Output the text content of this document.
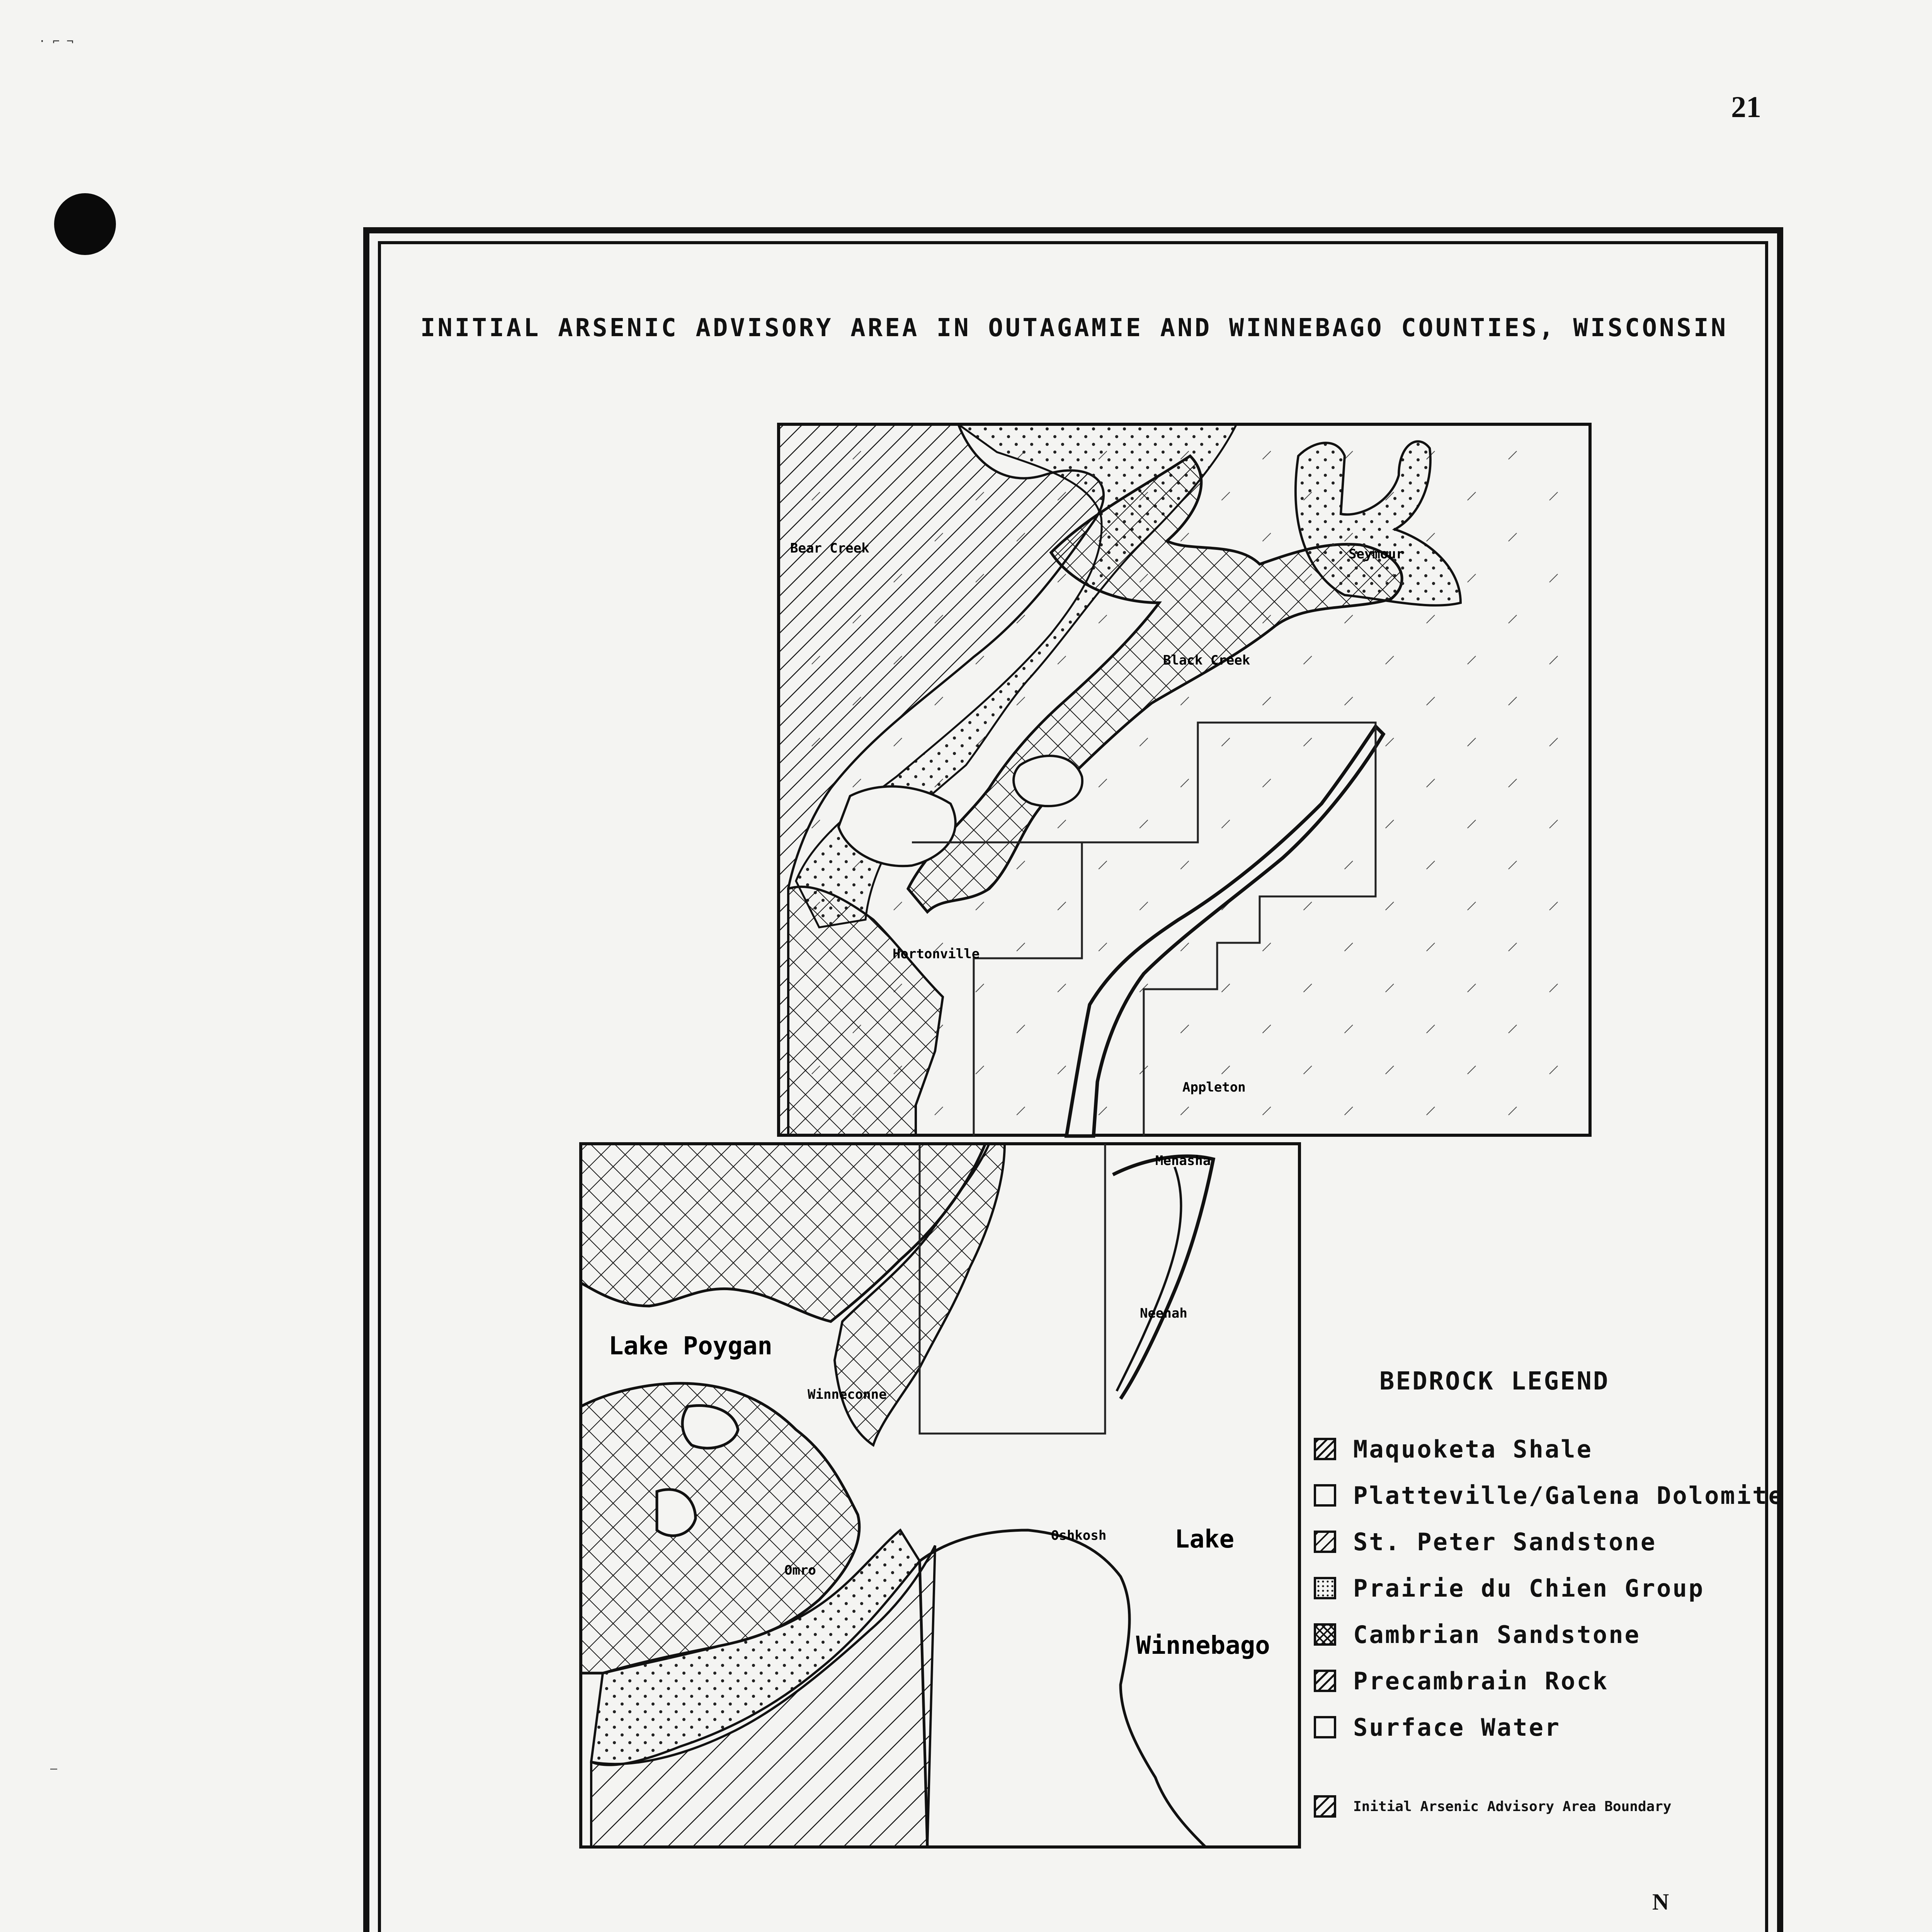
· ⌐ ¬
—
21
INITIAL ARSENIC ADVISORY AREA IN OUTAGAMIE AND WINNEBAGO COUNTIES, WISCONSIN
Bear Creek	Seymour
Black Creek
Hortonville
Appleton
Menasha
Neenah
Winneconne
Omro
Oshkosh
Lake Poygan
Lake
Winnebago
BEDROCK LEGEND
Maquoketa Shale
Platteville/Galena Dolomite
St. Peter Sandstone
Prairie du Chien Group
Cambrian Sandstone
Precambrain Rock
Surface Water
Initial Arsenic Advisory Area Boundary
N
